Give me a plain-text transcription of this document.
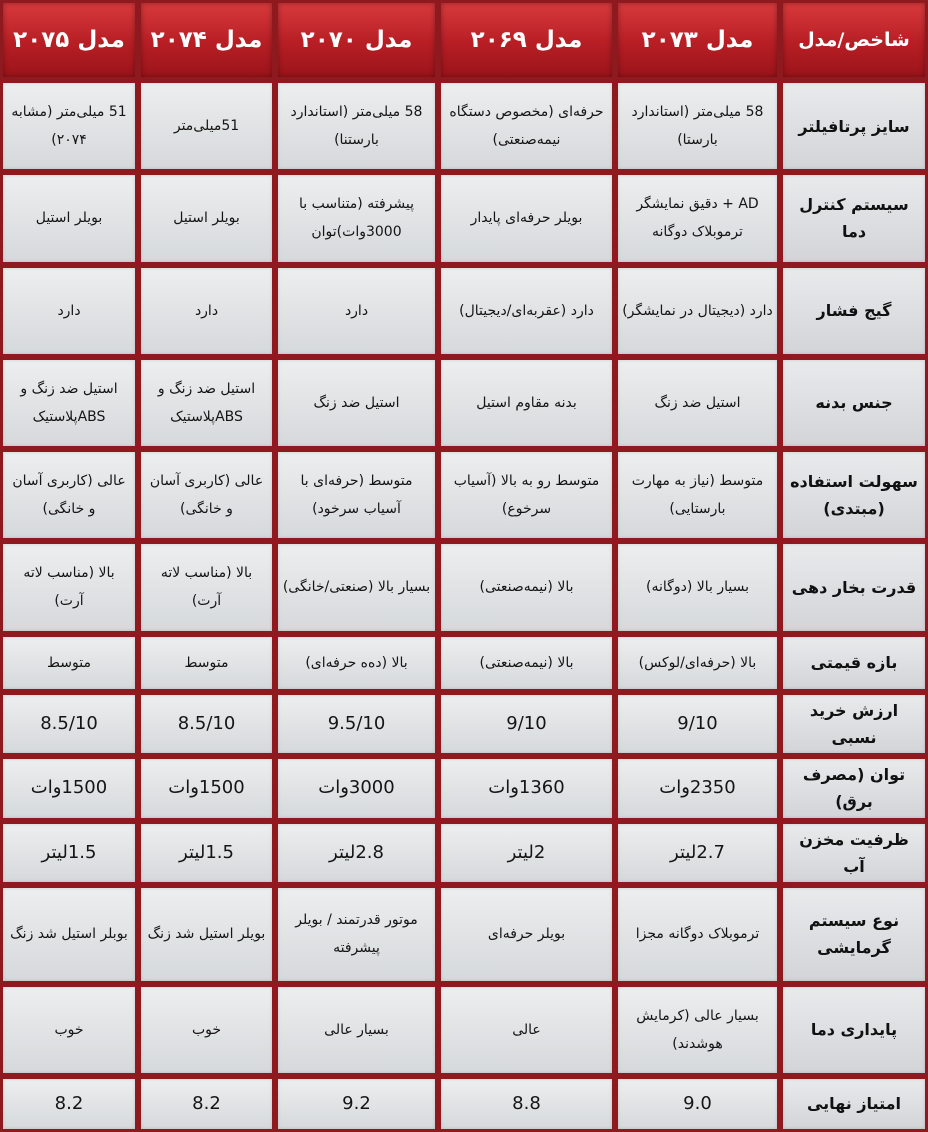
شاخص/مدل	مدل ۲۰۷۳	مدل ۲۰۶۹	مدل ۲۰۷۰	مدل ۲۰۷۴	مدل ۲۰۷۵
سایز پرتافیلتر	58 میلی‌متر (استاندارد بارستا)	حرفه‌ای (مخصوص دستگاه نیمه‌صنعتی)	58 میلی‌متر (استاندارد بارستنا)	51میلی‌متر	51 میلی‌متر (مشابه ۲۰۷۴)
سیستم کنترل دما	AD + دقیق نمایشگر ترموبلاک دوگانه	بویلر حرفه‌ای پایدار	پیشرفته (متناسب با 3000وات)توان	بویلر استیل	بویلر استیل
گیج فشار	دارد (دیجیتال در نمایشگر)	دارد (عقربه‌ای/دیجیتال)	دارد	دارد	دارد
جنس بدنه	استیل ضد زنگ	بدنه مقاوم استیل	استیل ضد زنگ	استیل ضد زنگ و ABSپلاستیک	استیل ضد زنگ و ABSپلاستیک
سهولت استفاده (مبتدی)	متوسط (نیاز به مهارت بارستایی)	متوسط رو به بالا (آسیاب سرخوع)	متوسط (حرفه‌ای با آسیاب سرخود)	عالی (کاربری آسان و خانگی)	عالی (کاربری آسان و خانگی)
قدرت بخار دهی	بسیار بالا (دوگانه)	بالا (نیمه‌صنعتی)	بسیار بالا (صنعتی/خانگی)	بالا (مناسب لاته آرت)	بالا (مناسب لاته آرت)
بازه قیمتی	بالا (حرفه‌ای/لوکس)	بالا (نیمه‌صنعتی)	بالا (ده‌ه حرفه‌ای)	متوسط	متوسط
ارزش خرید نسبی	9/10	9/10	9.5/10	8.5/10	8.5/10
توان (مصرف برق)	2350وات	1360وات	3000وات	1500وات	1500وات
ظرفیت مخزن آب	2.7لیتر	2لیتر	2.8لیتر	1.5لیتر	1.5لیتر
نوع سیستم گرمایشی	ترموبلاک دوگانه مجزا	بویلر حرفه‌ای	موتور قدرتمند / بویلر پیشرفته	بویلر استیل شد زنگ	بوبلر استیل شد زنگ
پایداری دما	بسیار عالی (کرمایش هوشدند)	عالی	بسیار عالی	خوب	خوب
امتیاز نهایی	9.0	8.8	9.2	8.2	8.2
